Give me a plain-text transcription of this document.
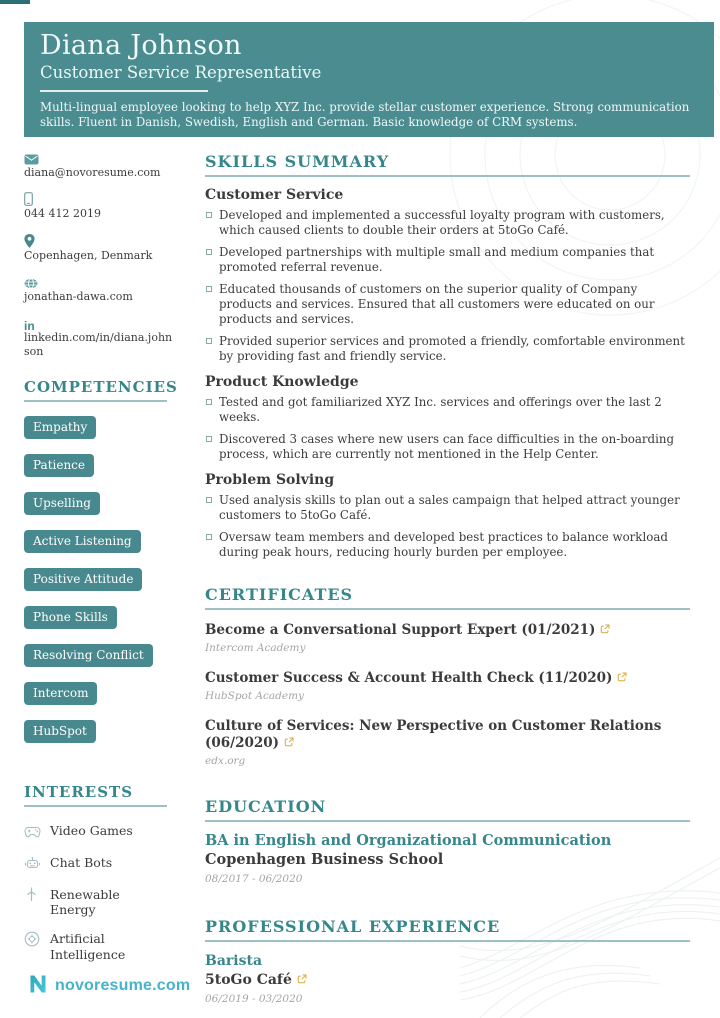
Diana Johnson
Customer Service Representative

Multi-lingual employee looking to help XYZ Inc. provide stellar customer experience. Strong communication skills. Fluent in Danish, Swedish, English and German. Basic knowledge of CRM systems.

diana@novoresume.com
044 412 2019
Copenhagen, Denmark
jonathan-dawa.com
in
linkedin.com/in/diana.johnson
COMPETENCIES
Empathy
Patience
Upselling
Active Listening
Positive Attitude
Phone Skills
Resolving Conflict
Intercom
HubSpot
INTERESTS
Video Games
Chat Bots
Renewable Energy
Artificial Intelligence
SKILLS SUMMARY
Customer Service
Developed and implemented a successful loyalty program with customers, which caused clients to double their orders at 5toGo Café.
Developed partnerships with multiple small and medium companies that promoted referral revenue.
Educated thousands of customers on the superior quality of Company products and services. Ensured that all customers were educated on our products and services.
Provided superior services and promoted a friendly, comfortable environment by providing fast and friendly service.
Product Knowledge
Tested and got familiarized XYZ Inc. services and offerings over the last 2 weeks.
Discovered 3 cases where new users can face difficulties in the on-boarding process, which are currently not mentioned in the Help Center.
Problem Solving
Used analysis skills to plan out a sales campaign that helped attract younger customers to 5toGo Café.
Oversaw team members and developed best practices to balance workload during peak hours, reducing hourly burden per employee.
CERTIFICATES
Become a Conversational Support Expert (01/2021)
Intercom Academy
Customer Success & Account Health Check (11/2020)
HubSpot Academy
Culture of Services: New Perspective on Customer Relations (06/2020)
edx.org
EDUCATION
BA in English and Organizational Communication
Copenhagen Business School
08/2017 - 06/2020
PROFESSIONAL EXPERIENCE
Barista
5toGo Café
06/2019 - 03/2020
novoresume.com
